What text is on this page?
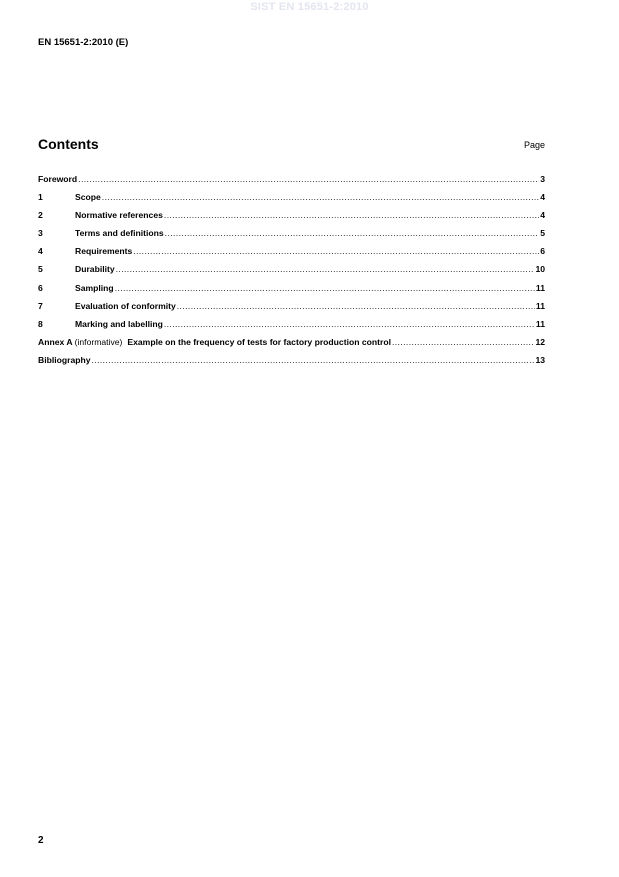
SIST EN 15651-2:2010
EN 15651-2:2010 (E)
Contents	Page
Foreword .....	3
1	Scope .....	4
2	Normative references .....	4
3	Terms and definitions .....	5
4	Requirements .....	6
5	Durability .....	10
6	Sampling .....	11
7	Evaluation of conformity .....	11
8	Marking and labelling .....	11
Annex A (informative) Example on the frequency of tests for factory production control .....	12
Bibliography .....	13
2
